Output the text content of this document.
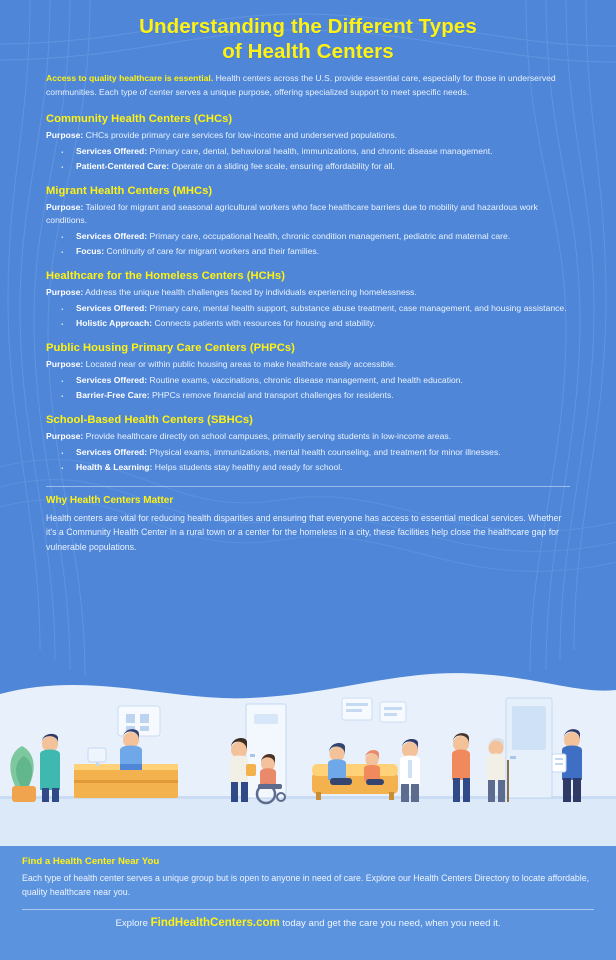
Understanding the Different Types
of Health Centers

Access to quality healthcare is essential. Health centers across the U.S. provide essential care, especially for those in underserved communities. Each type of center serves a unique purpose, offering specialized support to meet specific needs.

Community Health Centers (CHCs)

Purpose: CHCs provide primary care services for low-income and underserved populations.

· Services Offered: Primary care, dental, behavioral health, immunizations, and chronic disease management.
· Patient-Centered Care: Operate on a sliding fee scale, ensuring affordability for all.
Migrant Health Centers (MHCs)

Purpose: Tailored for migrant and seasonal agricultural workers who face healthcare barriers due to mobility and hazardous work conditions.

· Services Offered: Primary care, occupational health, chronic condition management, pediatric and maternal care.
· Focus: Continuity of care for migrant workers and their families.
Healthcare for the Homeless Centers (HCHs)

Purpose: Address the unique health challenges faced by individuals experiencing homelessness.

· Services Offered: Primary care, mental health support, substance abuse treatment, case management, and housing assistance.
· Holistic Approach: Connects patients with resources for housing and stability.
Public Housing Primary Care Centers (PHPCs)

Purpose: Located near or within public housing areas to make healthcare easily accessible.

· Services Offered: Routine exams, vaccinations, chronic disease management, and health education.
· Barrier-Free Care: PHPCs remove financial and transport challenges for residents.
School-Based Health Centers (SBHCs)

Purpose: Provide healthcare directly on school campuses, primarily serving students in low-income areas.

· Services Offered: Physical exams, immunizations, mental health counseling, and treatment for minor illnesses.
· Health & Learning: Helps students stay healthy and ready for school.
Why Health Centers Matter

Health centers are vital for reducing health disparities and ensuring that everyone has access to essential medical services. Whether it's a Community Health Center in a rural town or a center for the homeless in a city, these facilities help close the healthcare gap for vulnerable populations.

Find a Health Center Near You

Each type of health center serves a unique group but is open to anyone in need of care. Explore our Health Centers Directory to locate affordable, quality healthcare near you.

Explore FindHealthCenters.com today and get the care you need, when you need it.
